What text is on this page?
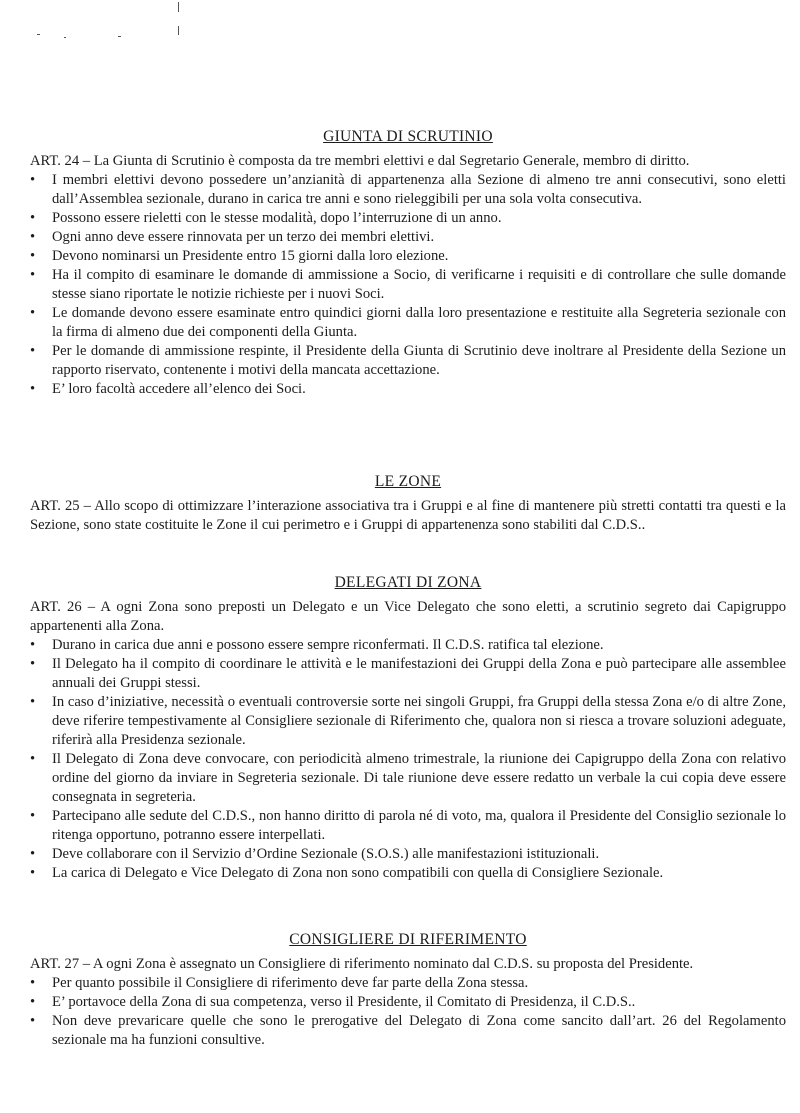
GIUNTA DI SCRUTINIO

ART. 24 – La Giunta di Scrutinio è composta da tre membri elettivi e dal Segretario Generale, membro di diritto.

•	I membri elettivi devono possedere un’anzianità di appartenenza alla Sezione di almeno tre anni consecutivi, sono eletti dall’Assemblea sezionale, durano in carica tre anni e sono rieleggibili per una sola volta consecutiva.
•	Possono essere rieletti con le stesse modalità, dopo l’interruzione di un anno.
•	Ogni anno deve essere rinnovata per un terzo dei membri elettivi.
•	Devono nominarsi un Presidente entro 15 giorni dalla loro elezione.
•	Ha il compito di esaminare le domande di ammissione a Socio, di verificarne i requisiti e di controllare che sulle domande stesse siano riportate le notizie richieste per i nuovi Soci.
•	Le domande devono essere esaminate entro quindici giorni dalla loro presentazione e restituite alla Segreteria sezionale con la firma di almeno due dei componenti della Giunta.
•	Per le domande di ammissione respinte, il Presidente della Giunta di Scrutinio deve inoltrare al Presidente della Sezione un rapporto riservato, contenente i motivi della mancata accettazione.
•	E’ loro facoltà accedere all’elenco dei Soci.
LE ZONE

ART. 25 – Allo scopo di ottimizzare l’interazione associativa tra i Gruppi e al fine di mantenere più stretti contatti tra questi e la Sezione, sono state costituite le Zone il cui perimetro e i Gruppi di appartenenza sono stabiliti dal C.D.S..

DELEGATI DI ZONA

ART. 26 – A ogni Zona sono preposti un Delegato e un Vice Delegato che sono eletti, a scrutinio segreto dai Capigruppo appartenenti alla Zona.

•	Durano in carica due anni e possono essere sempre riconfermati. Il C.D.S. ratifica tal elezione.
•	Il Delegato ha il compito di coordinare le attività e le manifestazioni dei Gruppi della Zona e può partecipare alle assemblee annuali dei Gruppi stessi.
•	In caso d’iniziative, necessità o eventuali controversie sorte nei singoli Gruppi, fra Gruppi della stessa Zona e/o di altre Zone, deve riferire tempestivamente al Consigliere sezionale di Riferimento che, qualora non si riesca a trovare soluzioni adeguate, riferirà alla Presidenza sezionale.
•	Il Delegato di Zona deve convocare, con periodicità almeno trimestrale, la riunione dei Capigruppo della Zona con relativo ordine del giorno da inviare in Segreteria sezionale. Di tale riunione deve essere redatto un verbale la cui copia deve essere consegnata in segreteria.
•	Partecipano alle sedute del C.D.S., non hanno diritto di parola né di voto, ma, qualora il Presidente del Consiglio sezionale lo ritenga opportuno, potranno essere interpellati.
•	Deve collaborare con il Servizio d’Ordine Sezionale (S.O.S.) alle manifestazioni istituzionali.
•	La carica di Delegato e Vice Delegato di Zona non sono compatibili con quella di Consigliere Sezionale.
CONSIGLIERE DI RIFERIMENTO

ART. 27 – A ogni Zona è assegnato un Consigliere di riferimento nominato dal C.D.S. su proposta del Presidente.

•	Per quanto possibile il Consigliere di riferimento deve far parte della Zona stessa.
•	E’ portavoce della Zona di sua competenza, verso il Presidente, il Comitato di Presidenza, il C.D.S..
•	Non deve prevaricare quelle che sono le prerogative del Delegato di Zona come sancito dall’art. 26 del Regolamento sezionale ma ha funzioni consultive.
